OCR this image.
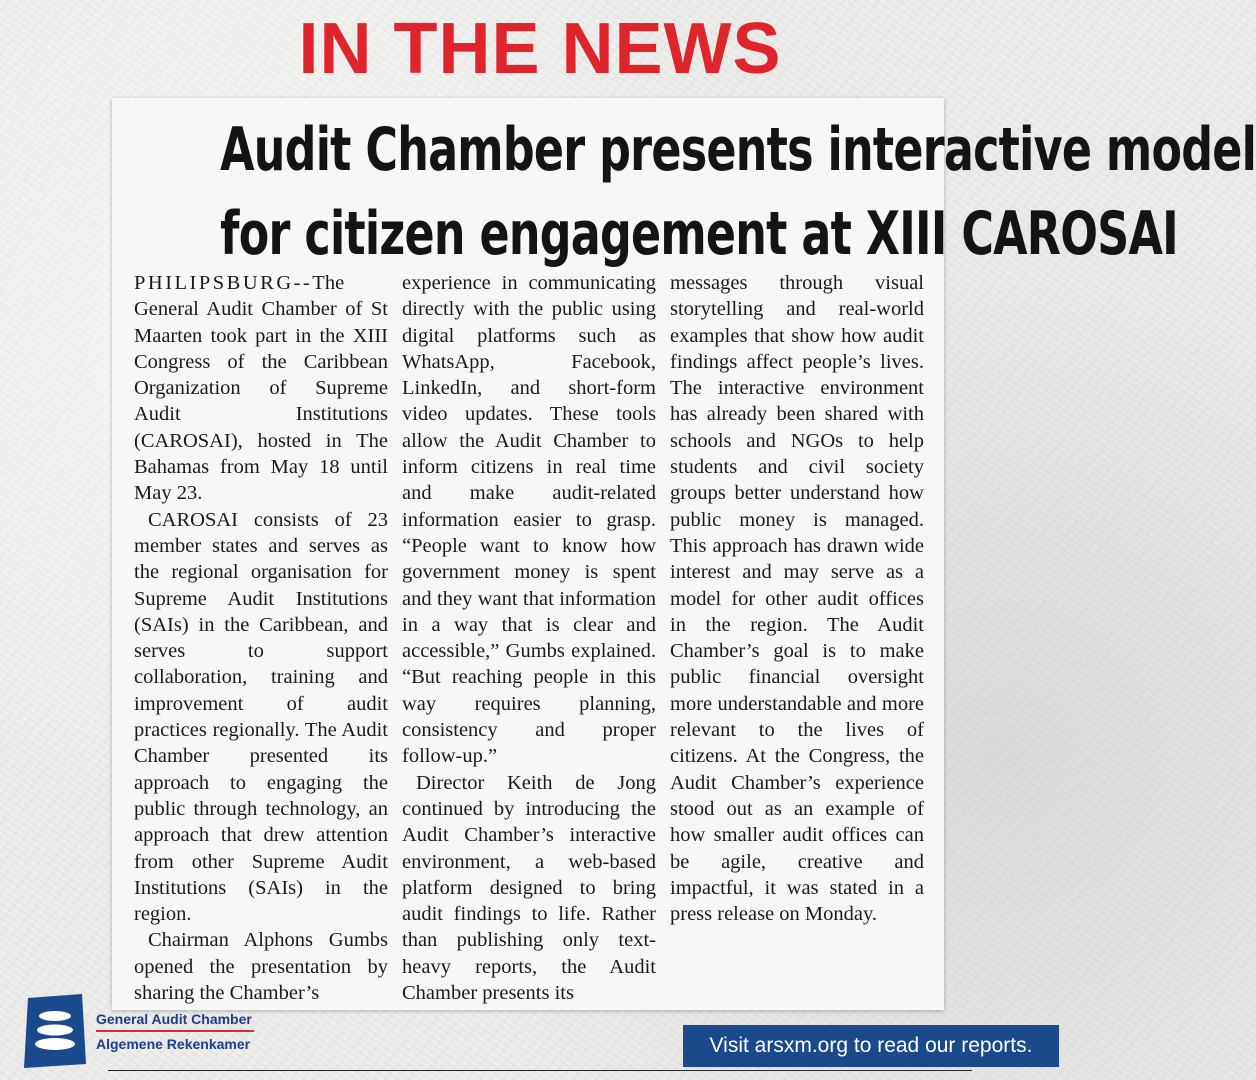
IN THE NEWS
Audit Chamber presents interactive model
for citizen engagement at XIII CAROSAI

PHILIPSBURG--The General Audit Chamber of St Maarten took part in the XIII Congress of the Caribbean Organization of Supreme Audit Institutions (CAROSAI), hosted in The Bahamas from May 18 until May 23.

CAROSAI consists of 23 member states and serves as the regional organisation for Supreme Audit Institutions (SAIs) in the Caribbean, and serves to support collaboration, training and improvement of audit practices regionally. The Audit Chamber presented its approach to engaging the public through technology, an approach that drew attention from other Supreme Audit Institutions (SAIs) in the region.

Chairman Alphons Gumbs opened the presentation by sharing the Chamber’s

experience in communicating directly with the public using digital platforms such as WhatsApp, Facebook, LinkedIn, and short-form video updates. These tools allow the Audit Chamber to inform citizens in real time and make audit-related information easier to grasp. “People want to know how government money is spent and they want that information in a way that is clear and accessible,” Gumbs explained. “But reaching people in this way requires planning, consistency and proper follow-up.”

Director Keith de Jong continued by introducing the Audit Chamber’s interactive environment, a web-based platform designed to bring audit findings to life. Rather than publishing only text-heavy reports, the Audit Chamber presents its

messages through visual storytelling and real-world examples that show how audit findings affect people’s lives. The interactive environment has already been shared with schools and NGOs to help students and civil society groups better understand how public money is managed. This approach has drawn wide interest and may serve as a model for other audit offices in the region. The Audit Chamber’s goal is to make public financial oversight more understandable and more relevant to the lives of citizens. At the Congress, the Audit Chamber’s experience stood out as an example of how smaller audit offices can be agile, creative and impactful, it was stated in a press release on Monday.

General Audit Chamber
Algemene Rekenkamer	Visit arsxm.org to read our reports.
